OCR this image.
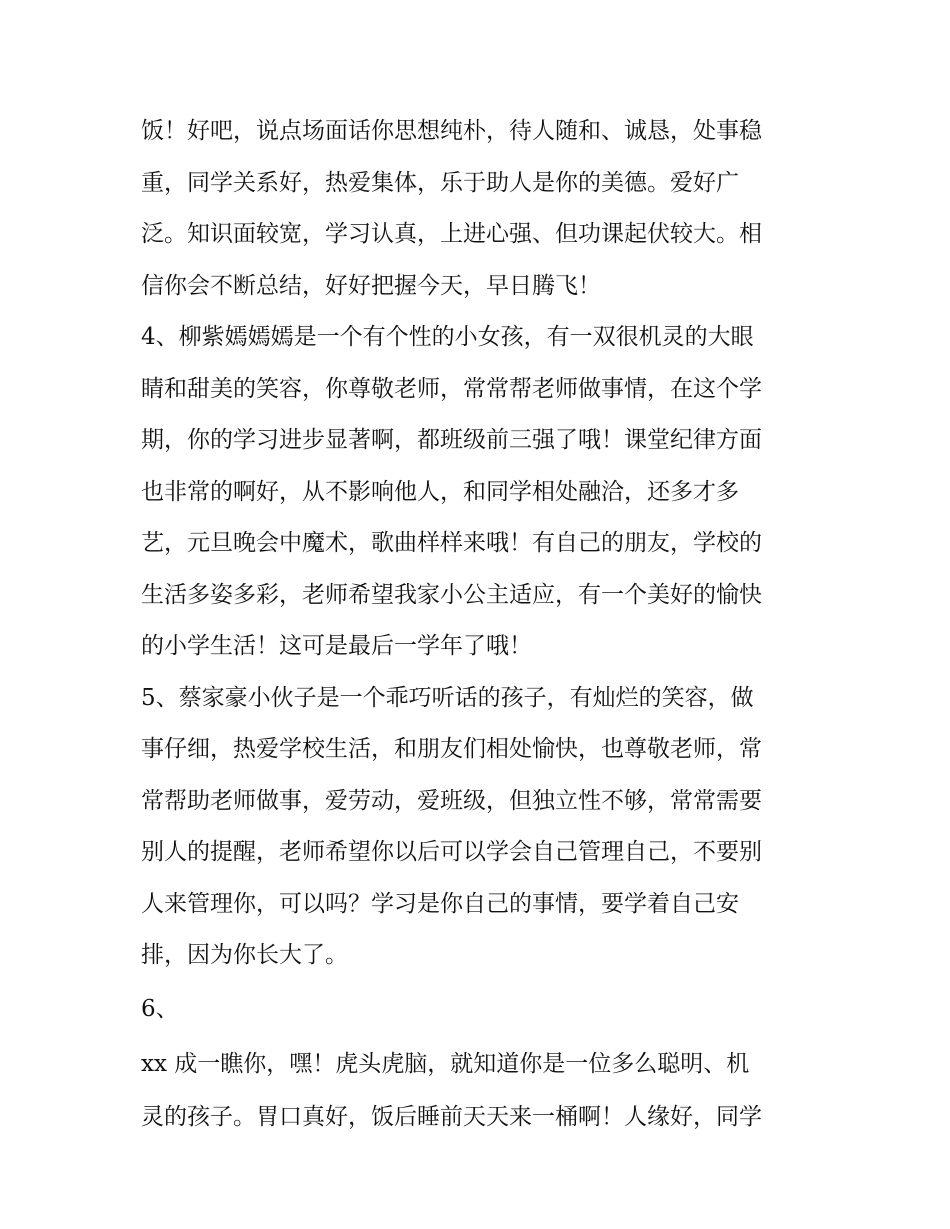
饭！好吧，说点场面话你思想纯朴，待人随和、诚恳，处事稳
重，同学关系好，热爱集体，乐于助人是你的美德。爱好广
泛。知识面较宽，学习认真，上进心强、但功课起伏较大。相
信你会不断总结，好好把握今天，早日腾飞！
4、柳紫嫣嫣嫣是一个有个性的小女孩，有一双很机灵的大眼
睛和甜美的笑容，你尊敬老师，常常帮老师做事情，在这个学
期，你的学习进步显著啊，都班级前三强了哦！课堂纪律方面
也非常的啊好，从不影响他人，和同学相处融洽，还多才多
艺，元旦晚会中魔术，歌曲样样来哦！有自己的朋友，学校的
生活多姿多彩，老师希望我家小公主适应，有一个美好的愉快
的小学生活！这可是最后一学年了哦！
5、蔡家豪小伙子是一个乖巧听话的孩子，有灿烂的笑容，做
事仔细，热爱学校生活，和朋友们相处愉快，也尊敬老师，常
常帮助老师做事，爱劳动，爱班级，但独立性不够，常常需要
别人的提醒，老师希望你以后可以学会自己管理自己，不要别
人来管理你，可以吗？学习是你自己的事情，要学着自己安
排，因为你长大了。
6、
xx 成一瞧你，嘿！虎头虎脑，就知道你是一位多么聪明、机
灵的孩子。胃口真好，饭后睡前天天来一桶啊！人缘好，同学
